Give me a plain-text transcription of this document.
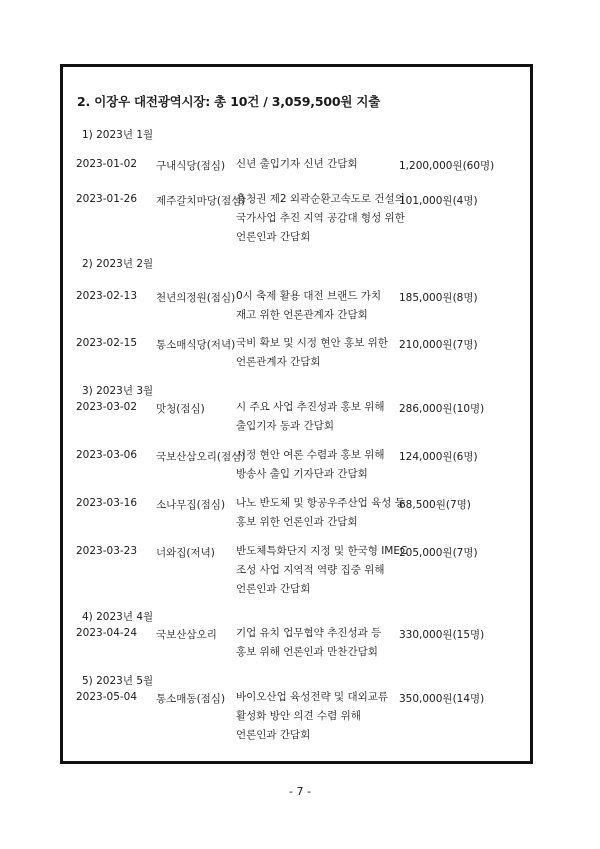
2. 이장우 대전광역시장: 총 10건 / 3,059,500원 지출
1) 2023년 1월
2023-01-02 구내식당(점심) 신년 출입기자 신년 간담회	1,200,000원(60명)
2023-01-26 제주갈치마당(점심)
충청권 제2 외곽순환고속도로 건설의
국가사업 추진 지역 공감대 형성 위한
언론인과 간담회
101,000원(4명)
2) 2023년 2월
2023-02-13 천년의정원(점심) 0시 축제 활용 대전 브랜드 가치
재고 위한 언론관계자 간담회
185,000원(8명)
2023-02-15 통소매식당(저녁) 국비 확보 및 시정 현안 홍보 위한
언론관계자 간담회
210,000원(7명)
3) 2023년 3월
2023-03-02 맛청(점심)	시 주요 사업 추진성과 홍보 위해
출입기자 동과 간담회
286,000원(10명)
2023-03-06 국보산삼오리(점심)
시정 현안 여론 수렴과 홍보 위해
방송사 출입 기자단과 간담회
124,000원(6명)
2023-03-16 소나무집(점심) 나노 반도체 및 항공우주산업 육성 등
홍보 위한 언론인과 간담회
68,500원(7명)
2023-03-23 너와집(저녁) 반도체특화단지 지정 및 한국형 IMEC
조성 사업 지역적 역량 집중 위해
언론인과 간담회
205,000원(7명)
4) 2023년 4월
2023-04-24 국보산삼오리 기업 유치 업무협약 추진성과 등
홍보 위해 언론인과 만찬간담회
330,000원(15명)
5) 2023년 5월
2023-05-04 통소매동(점심) 바이오산업 육성전략 및 대외교류
활성화 방안 의견 수렴 위해
언론인과 간담회
350,000원(14명)
- 7 -
